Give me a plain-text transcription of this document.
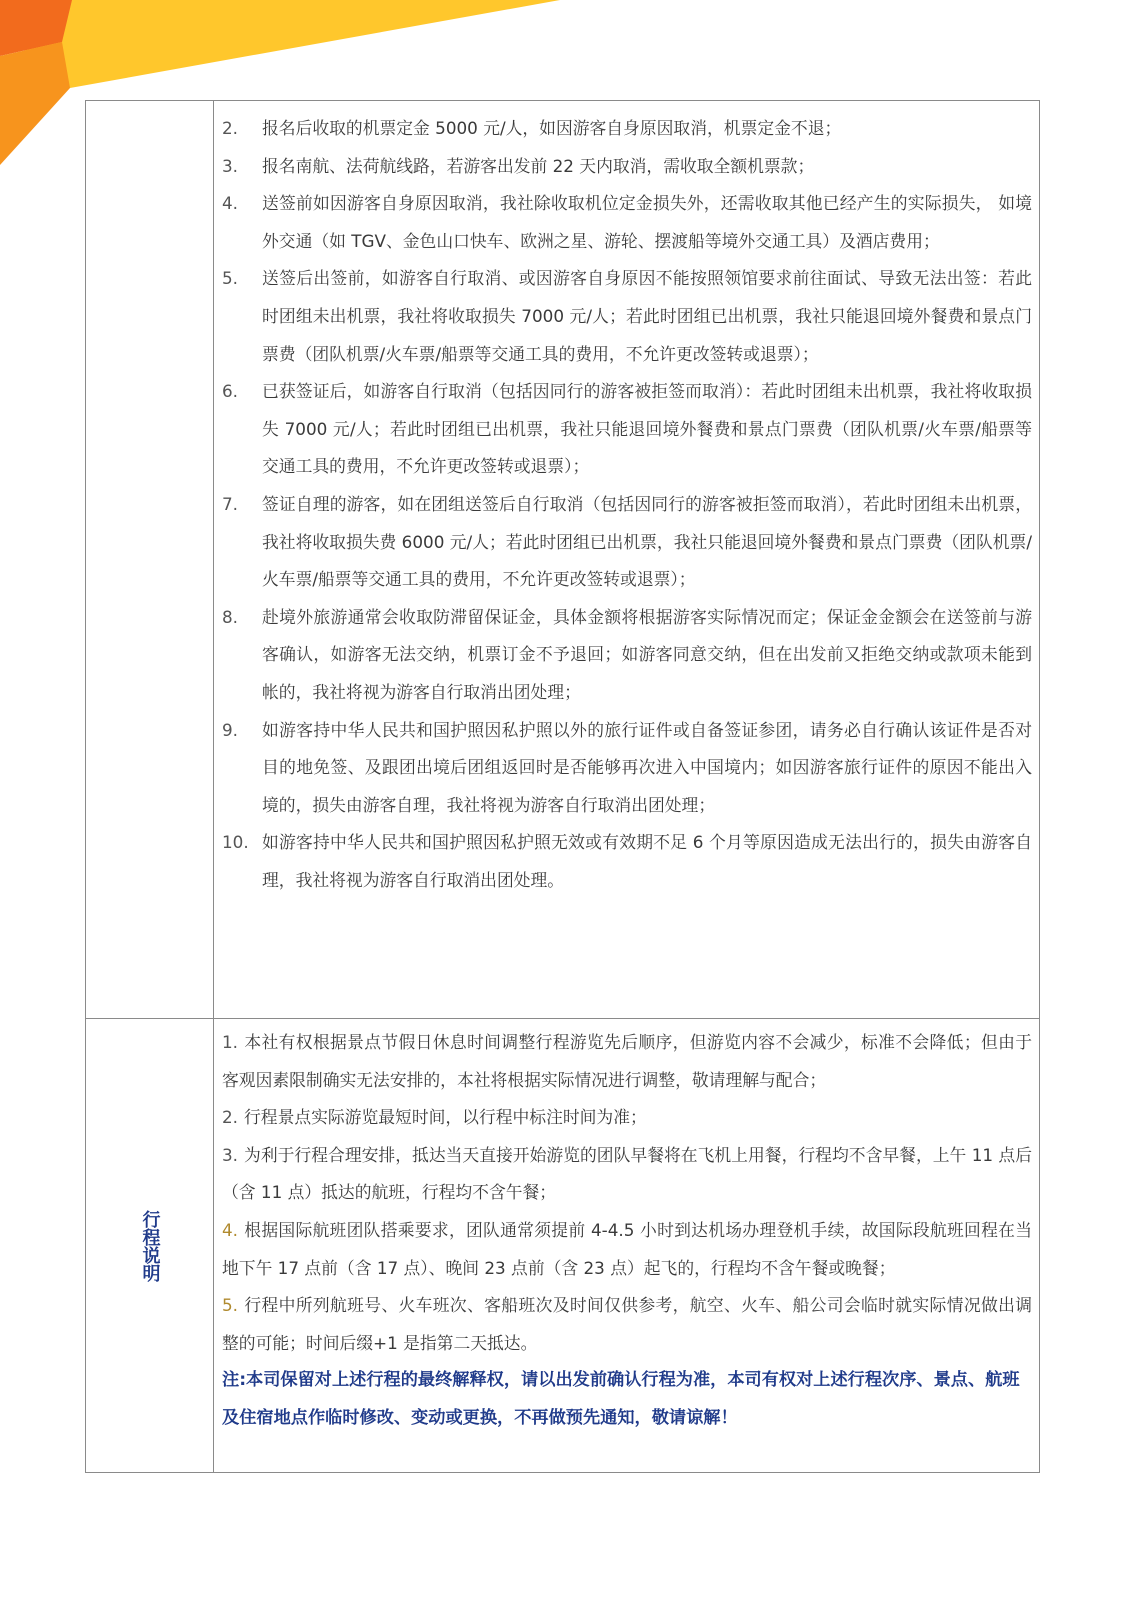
2.	报名后收取的机票定金 5000 元/人，如因游客自身原因取消，机票定金不退；
3.	报名南航、法荷航线路，若游客出发前 22 天内取消，需收取全额机票款；
4.	送签前如因游客自身原因取消，我社除收取机位定金损失外，还需收取其他已经产生的实际损失， 如境外交通（如 TGV、金色山口快车、欧洲之星、游轮、摆渡船等境外交通工具）及酒店费用；
5.	送签后出签前，如游客自行取消、或因游客自身原因不能按照领馆要求前往面试、导致无法出签：若此时团组未出机票，我社将收取损失 7000 元/人；若此时团组已出机票，我社只能退回境外餐费和景点门票费（团队机票/火车票/船票等交通工具的费用，不允许更改签转或退票）；
6.	已获签证后，如游客自行取消（包括因同行的游客被拒签而取消）：若此时团组未出机票，我社将收取损失 7000 元/人；若此时团组已出机票，我社只能退回境外餐费和景点门票费（团队机票/火车票/船票等交通工具的费用，不允许更改签转或退票）；
7.	签证自理的游客，如在团组送签后自行取消（包括因同行的游客被拒签而取消），若此时团组未出机票，我社将收取损失费 6000 元/人；若此时团组已出机票，我社只能退回境外餐费和景点门票费（团队机票/火车票/船票等交通工具的费用，不允许更改签转或退票）；
8.	赴境外旅游通常会收取防滞留保证金，具体金额将根据游客实际情况而定；保证金金额会在送签前与游客确认，如游客无法交纳，机票订金不予退回；如游客同意交纳，但在出发前又拒绝交纳或款项未能到帐的，我社将视为游客自行取消出团处理；
9.	如游客持中华人民共和国护照因私护照以外的旅行证件或自备签证参团，请务必自行确认该证件是否对目的地免签、及跟团出境后团组返回时是否能够再次进入中国境内；如因游客旅行证件的原因不能出入境的，损失由游客自理，我社将视为游客自行取消出团处理；
10. 如游客持中华人民共和国护照因私护照无效或有效期不足 6 个月等原因造成无法出行的，损失由游客自理，我社将视为游客自行取消出团处理。
行程说明
1. 本社有权根据景点节假日休息时间调整行程游览先后顺序，但游览内容不会减少，标准不会降低；但由于客观因素限制确实无法安排的，本社将根据实际情况进行调整，敬请理解与配合；
2. 行程景点实际游览最短时间，以行程中标注时间为准；
3. 为利于行程合理安排，抵达当天直接开始游览的团队早餐将在飞机上用餐，行程均不含早餐，上午 11 点后（含 11 点）抵达的航班，行程均不含午餐；
4. 根据国际航班团队搭乘要求，团队通常须提前 4-4.5 小时到达机场办理登机手续，故国际段航班回程在当地下午 17 点前（含 17 点）、晚间 23 点前（含 23 点）起飞的，行程均不含午餐或晚餐；
5. 行程中所列航班号、火车班次、客船班次及时间仅供参考，航空、火车、船公司会临时就实际情况做出调整的可能；时间后缀+1 是指第二天抵达。
注:本司保留对上述行程的最终解释权，请以出发前确认行程为准，本司有权对上述行程次序、景点、航班及住宿地点作临时修改、变动或更换，不再做预先通知，敬请谅解！
